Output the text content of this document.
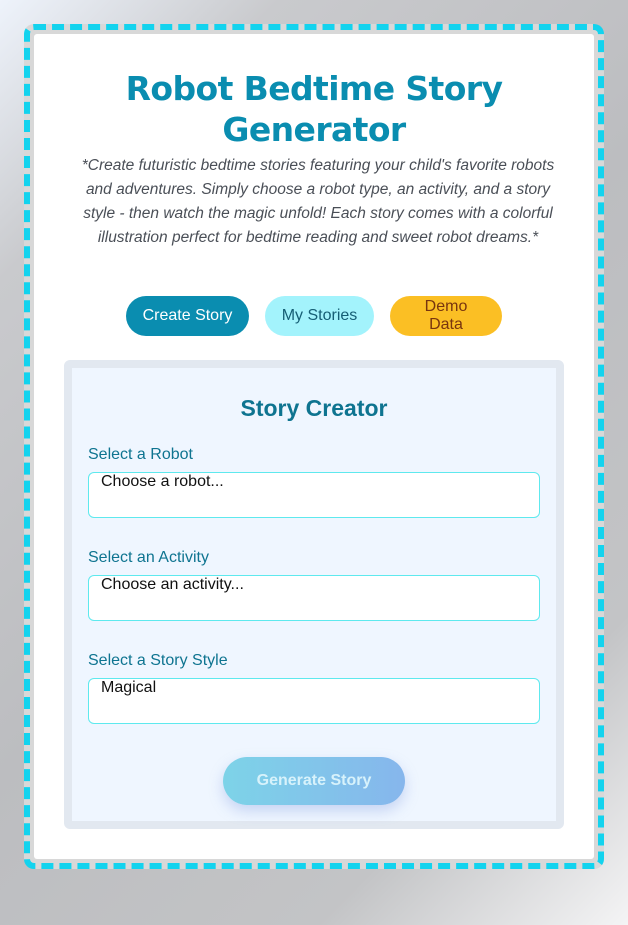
Robot Bedtime Story Generator

*Create futuristic bedtime stories featuring your child's favorite robots and adventures. Simply choose a robot type, an activity, and a story style - then watch the magic unfold! Each story comes with a colorful illustration perfect for bedtime reading and sweet robot dreams.*

Create Story	My Stories
Demo Data
Story Creator
Select a Robot
Choose a robot...
Select an Activity
Choose an activity...
Select a Story Style
Magical
Generate Story
